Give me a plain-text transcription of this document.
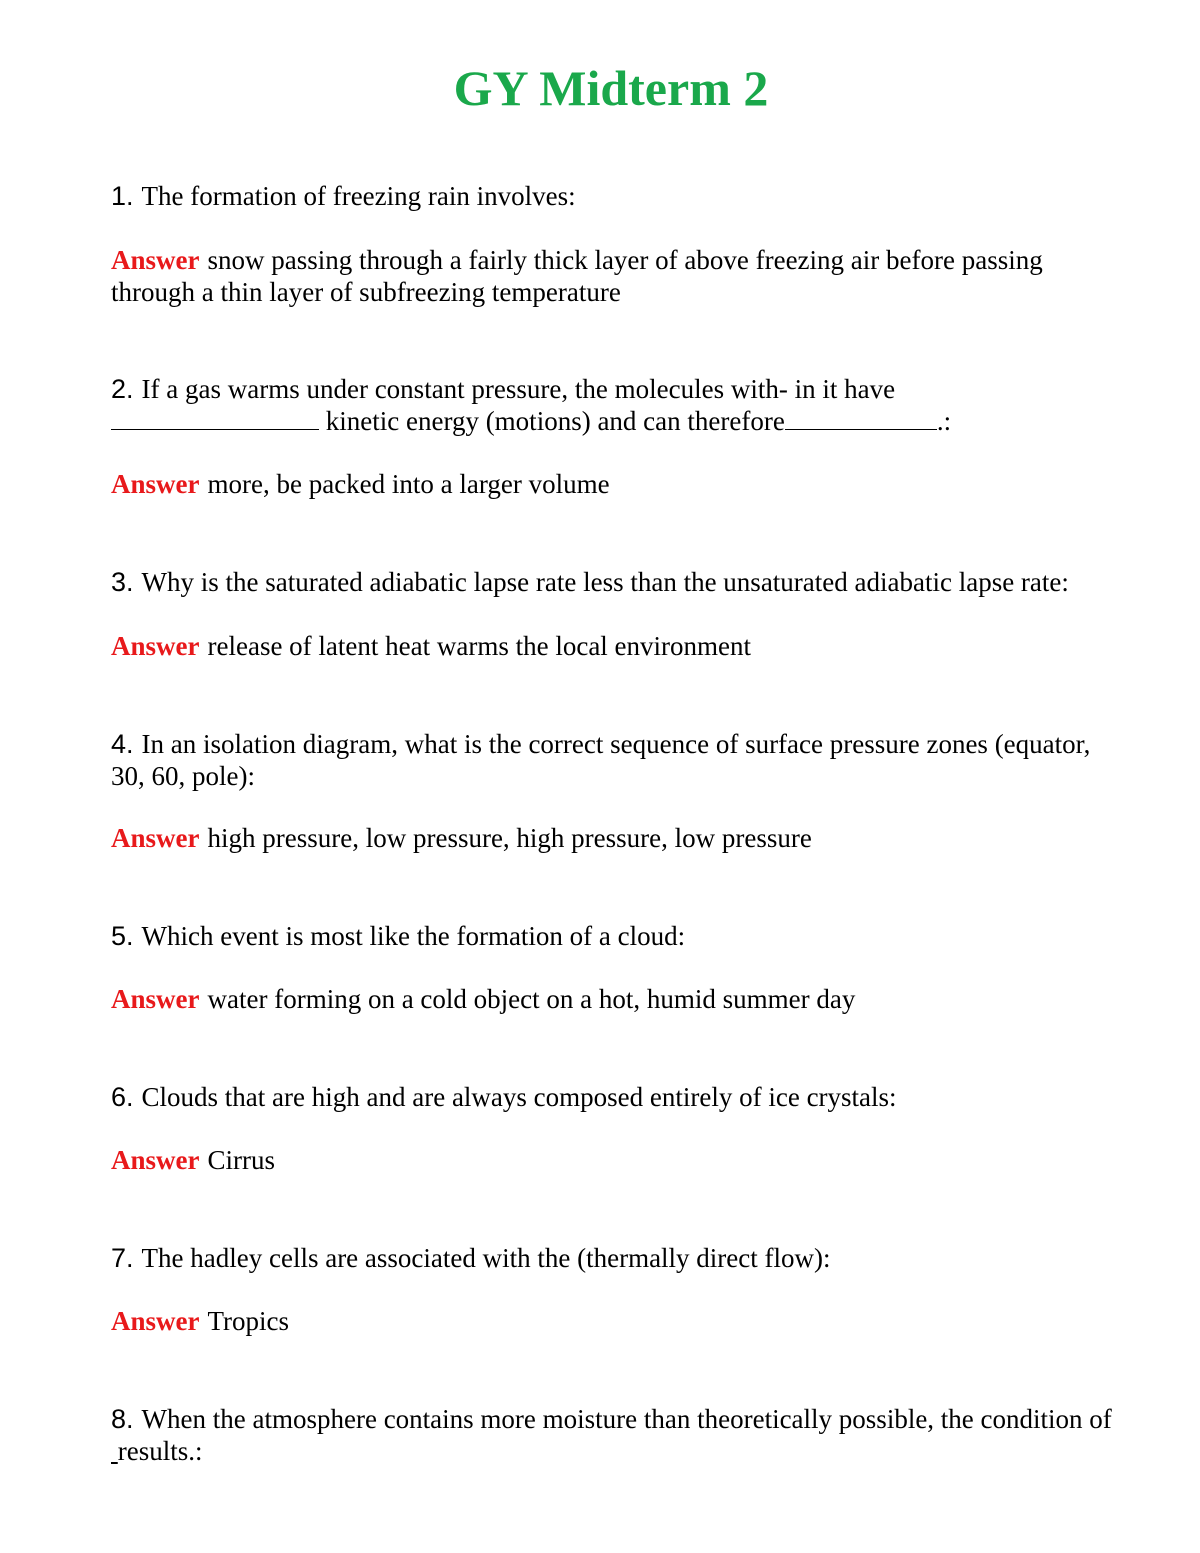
GY Midterm 2
1. The formation of freezing rain involves:
Answer snow passing through a fairly thick layer of above freezing air before passing through a thin layer of subfreezing temperature
2. If a gas warms under constant pressure, the molecules with- in it have
kinetic energy (motions) and can therefore	.:
Answer more, be packed into a larger volume
3. Why is the saturated adiabatic lapse rate less than the unsaturated adiabatic lapse rate:
Answer release of latent heat warms the local environment
4. In an isolation diagram, what is the correct sequence of surface pressure zones (equator, 30, 60, pole):
Answer high pressure, low pressure, high pressure, low pressure
5. Which event is most like the formation of a cloud:
Answer water forming on a cold object on a hot, humid summer day
6. Clouds that are high and are always composed entirely of ice crystals:
Answer Cirrus
7. The hadley cells are associated with the (thermally direct flow):
Answer Tropics
8. When the atmosphere contains more moisture than theoretically possible, the condition of  results.:
